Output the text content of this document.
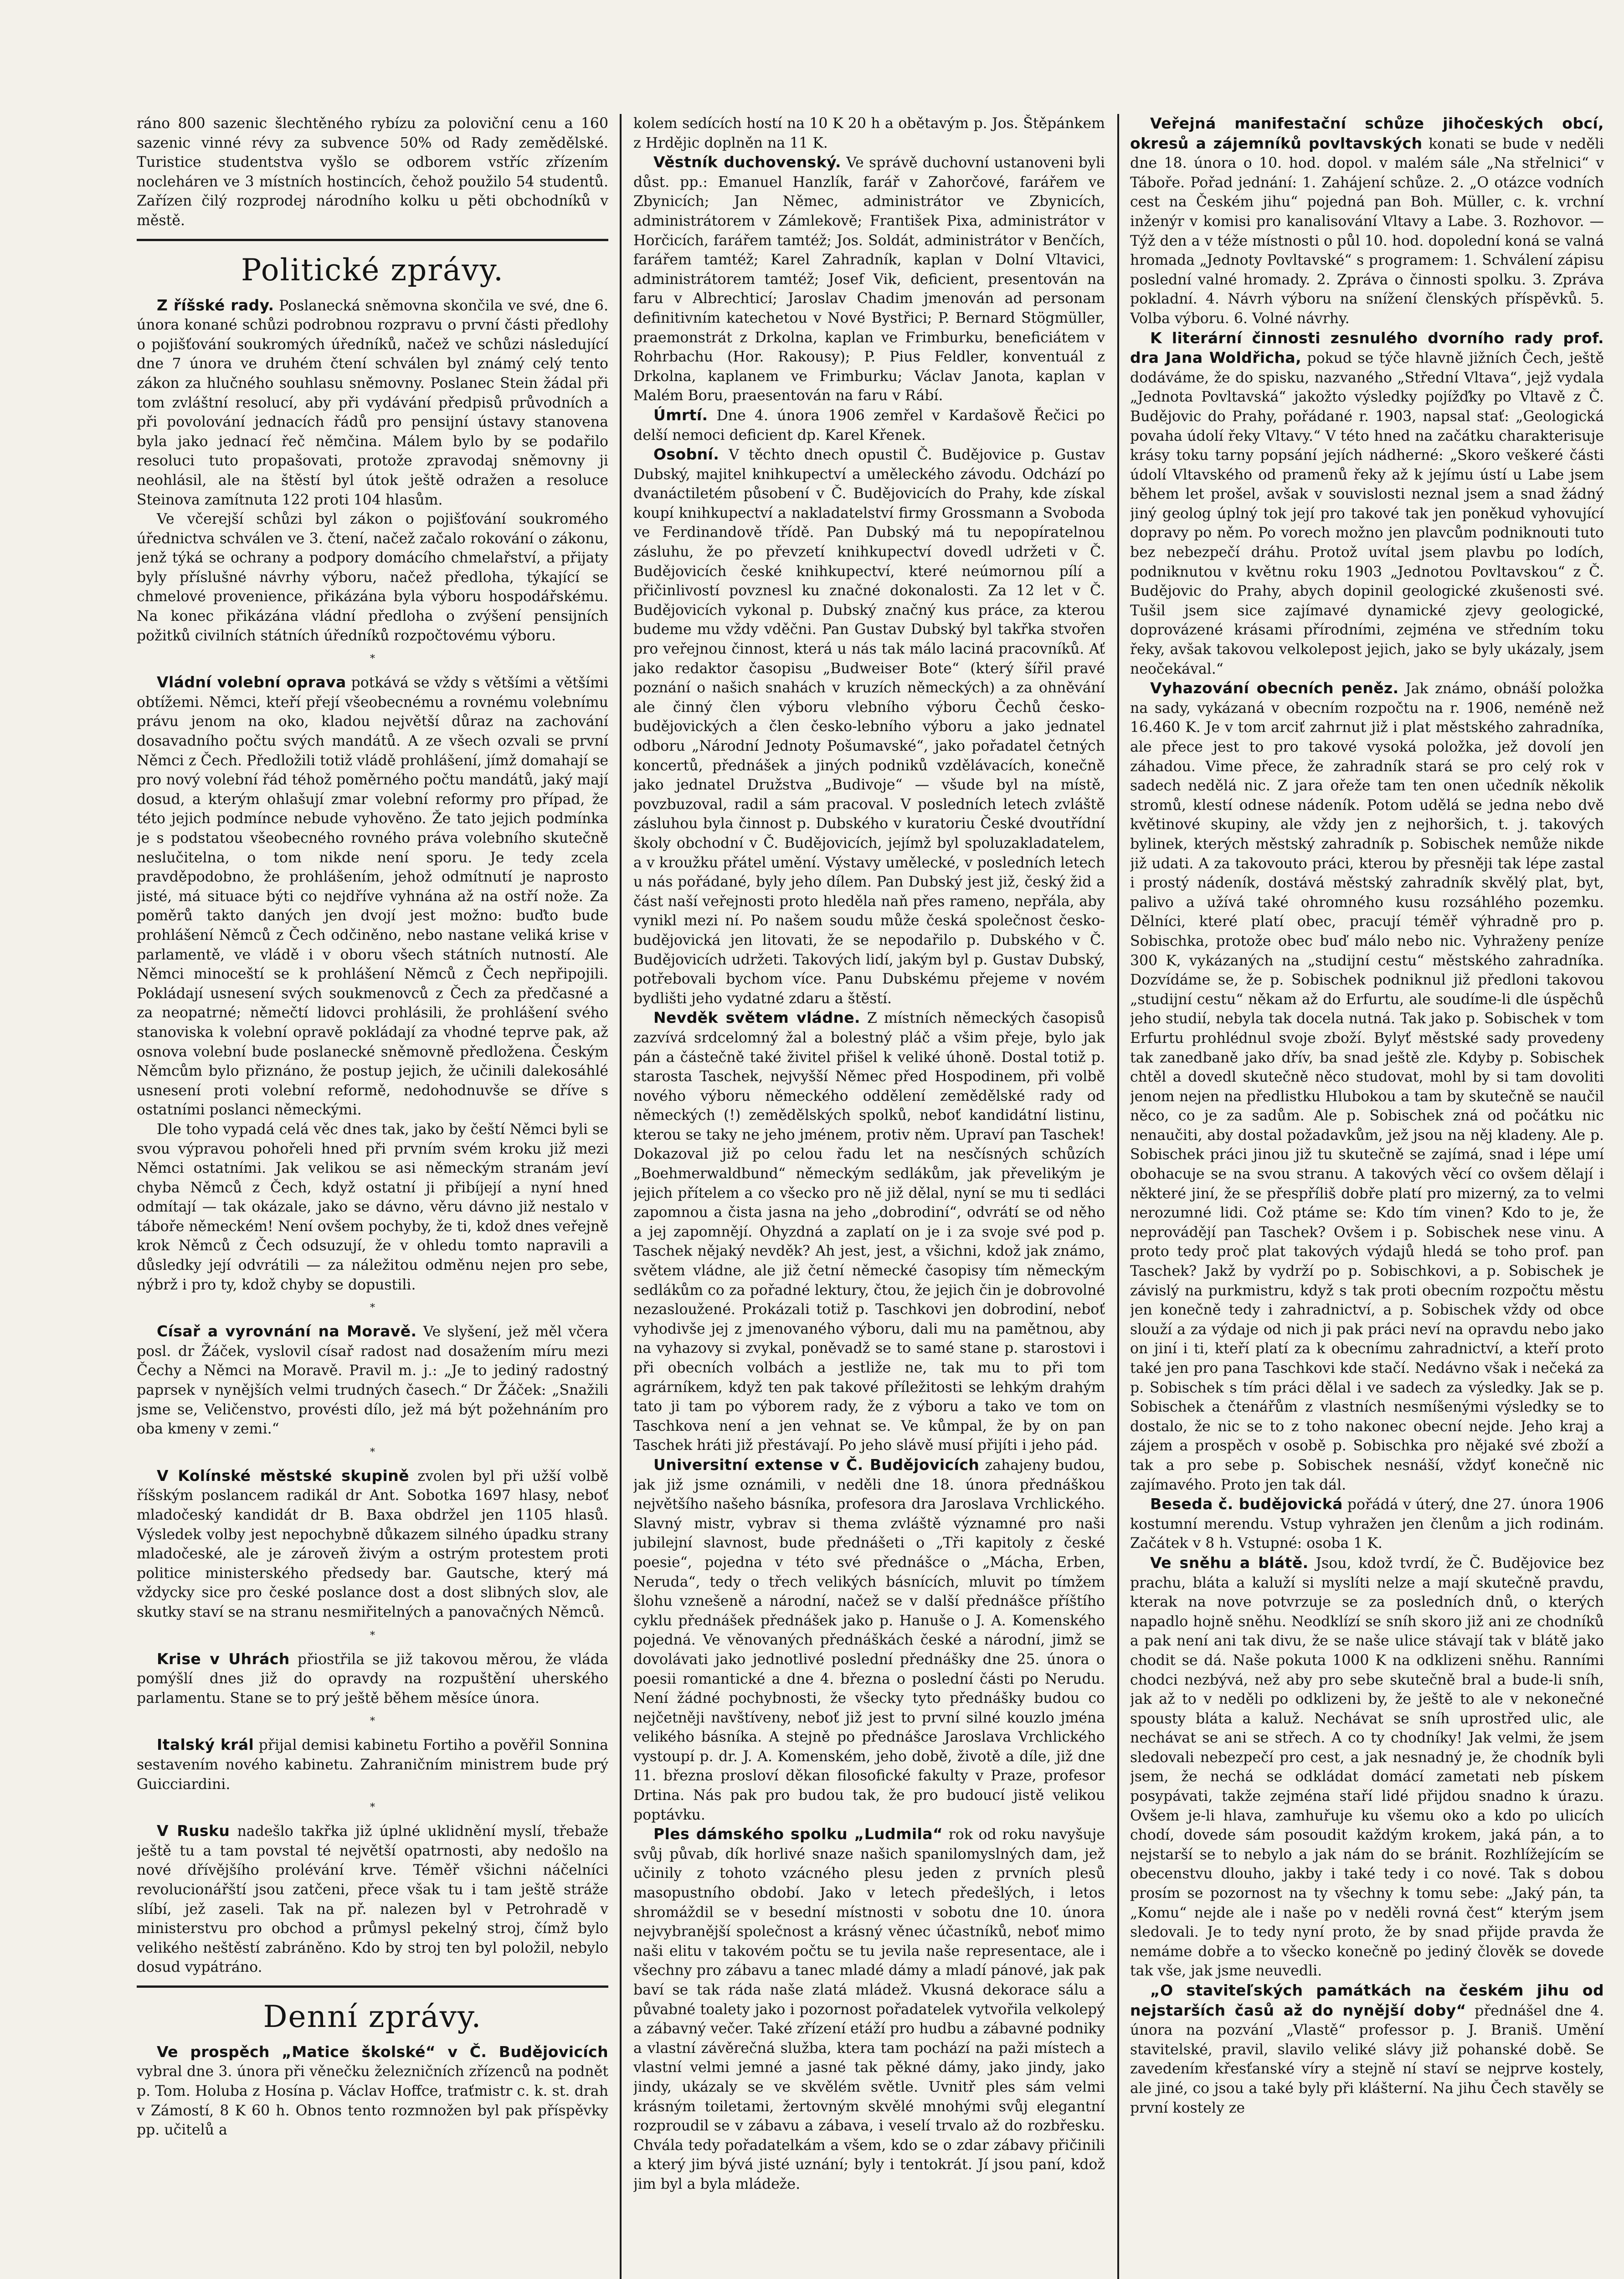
ráno 800 sazenic šlechtěného rybízu za poloviční cenu a 160 sazenic vinné révy za subvence 50% od Rady zemědělské. Turistice studentstva vyšlo se odborem vstříc zřízením nocleháren ve 3 místních hostincích, čehož použilo 54 studentů. Zařízen čilý rozprodej národního kolku u pěti obchodníků v městě.

Politické zprávy.

Z říšské rady. Poslanecká sněmovna skončila ve své, dne 6. února konané schůzi podrobnou rozpravu o první části předlohy o pojišťování soukromých úředníků, načež ve schůzi následující dne 7 února ve druhém čtení schválen byl známý celý tento zákon za hlučného souhlasu sněmovny. Poslanec Stein žádal při tom zvláštní resolucí, aby při vydávání předpisů průvodních a při povolování jednacích řádů pro pensijní ústavy stanovena byla jako jednací řeč němčina. Málem bylo by se podařilo resoluci tuto propašovati, protože zpravodaj sněmovny ji neohlásil, ale na štěstí byl útok ještě odražen a resoluce Steinova zamítnuta 122 proti 104 hlasům.

Ve včerejší schůzi byl zákon o pojišťování soukromého úřednictva schválen ve 3. čtení, načež začalo rokování o zákonu, jenž týká se ochrany a podpory domácího chmelařství, a přijaty byly příslušné návrhy výboru, načež předloha, týkající se chmelové provenience, přikázána byla výboru hospodářskému. Na konec přikázána vládní předloha o zvýšení pensijních požitků civilních státních úředníků rozpočtovému výboru.

*

Vládní volební oprava potkává se vždy s většími a většími obtížemi. Němci, kteří přejí všeobecnému a rovnému volebnímu právu jenom na oko, kladou největší důraz na zachování dosavadního počtu svých mandátů. A ze všech ozvali se první Němci z Čech. Předložili totiž vládě prohlášení, jímž domahají se pro nový volební řád téhož poměrného počtu mandátů, jaký mají dosud, a kterým ohlašují zmar volební reformy pro případ, že této jejich podmínce nebude vyhověno. Že tato jejich podmínka je s podstatou všeobecného rovného práva volebního skutečně neslučitelna, o tom nikde není sporu. Je tedy zcela pravděpodobno, že prohlášením, jehož odmítnutí je naprosto jisté, má situace býti co nejdříve vyhnána až na ostří nože. Za poměrů takto daných jen dvojí jest možno: buďto bude prohlášení Němců z Čech odčiněno, nebo nastane veliká krise v parlamentě, ve vládě i v oboru všech státních nutností. Ale Němci minoceští se k prohlášení Němců z Čech nepřipojili. Pokládají usnesení svých soukmenovců z Čech za předčasné a za neopatrné; němečtí lidovci prohlásili, že prohlášení svého stanoviska k volební opravě pokládají za vhodné teprve pak, až osnova volební bude poslanecké sněmovně předložena. Českým Němcům bylo přiznáno, že postup jejich, že učinili dalekosáhlé usnesení proti volební reformě, nedohodnuvše se dříve s ostatními poslanci německými.

Dle toho vypadá celá věc dnes tak, jako by čeští Němci byli se svou výpravou pohořeli hned při prvním svém kroku již mezi Němci ostatními. Jak velikou se asi německým stranám jeví chyba Němců z Čech, když ostatní ji přibíjejí a nyní hned odmítají — tak okázale, jako se dávno, věru dávno již nestalo v táboře německém! Není ovšem pochyby, že ti, kdož dnes veřejně krok Němců z Čech odsuzují, že v ohledu tomto napravili a důsledky její odvrátili — za náležitou odměnu nejen pro sebe, nýbrž i pro ty, kdož chyby se dopustili.

*

Císař a vyrovnání na Moravě. Ve slyšení, jež měl včera posl. dr Žáček, vyslovil císař radost nad dosažením míru mezi Čechy a Němci na Moravě. Pravil m. j.: „Je to jediný radostný paprsek v nynějších velmi trudných časech.“ Dr Žáček: „Snažili jsme se, Veličenstvo, provésti dílo, jež má být požehnáním pro oba kmeny v zemi.“

*

V Kolínské městské skupině zvolen byl při užší volbě říšským poslancem radikál dr Ant. Sobotka 1697 hlasy, neboť mladočeský kandidát dr B. Baxa obdržel jen 1105 hlasů. Výsledek volby jest nepochybně důkazem silného úpadku strany mladočeské, ale je zároveň živým a ostrým protestem proti politice ministerského předsedy bar. Gautsche, který má vždycky sice pro české poslance dost a dost slibných slov, ale skutky staví se na stranu nesmiřitelných a panovačných Němců.

*

Krise v Uhrách přiostřila se již takovou měrou, že vláda pomýšlí dnes již do opravdy na rozpuštění uherského parlamentu. Stane se to prý ještě během měsíce února.

*

Italský král přijal demisi kabinetu Fortiho a pověřil Sonnina sestavením nového kabinetu. Zahraničním ministrem bude prý Guicciardini.

*

V Rusku nadešlo takřka již úplné uklidnění myslí, třebaže ještě tu a tam povstal té největší opatrnosti, aby nedošlo na nové dřívějšího prolévání krve. Téměř všichni náčelníci revolucionářští jsou zatčeni, přece však tu i tam ještě stráže slíbí, jež zaseli. Tak na př. nalezen byl v Petrohradě v ministerstvu pro obchod a průmysl pekelný stroj, čímž bylo velikého neštěstí zabráněno. Kdo by stroj ten byl položil, nebylo dosud vypátráno.

Denní zprávy.

Ve prospěch „Matice školské“ v Č. Budějovicích vybral dne 3. února při věnečku železničních zřízenců na podnět p. Tom. Holuba z Hosína p. Václav Hoffce, traťmistr c. k. st. drah v Zámostí, 8 K 60 h. Obnos tento rozmnožen byl pak příspěvky pp. učitelů a

kolem sedících hostí na 10 K 20 h a obětavým p. Jos. Štěpánkem z Hrdějic doplněn na 11 K.

Věstník duchovenský. Ve správě duchovní ustanoveni byli důst. pp.: Emanuel Hanzlík, farář v Zahorčové, farářem ve Zbynicích; Jan Němec, administrátor ve Zbynicích, administrátorem v Zámlekově; František Pixa, administrátor v Horčicích, farářem tamtéž; Jos. Soldát, administrátor v Benčích, farářem tamtéž; Karel Zahradník, kaplan v Dolní Vltavici, administrátorem tamtéž; Josef Vik, deficient, presentován na faru v Albrechticí; Jaroslav Chadim jmenován ad personam definitivním katechetou v Nové Bystřici; P. Bernard Stögmüller, praemonstrát z Drkolna, kaplan ve Frimburku, beneficiátem v Rohrbachu (Hor. Rakousy); P. Pius Feldler, konventuál z Drkolna, kaplanem ve Frimburku; Václav Janota, kaplan v Malém Boru, praesentován na faru v Rábí.

Úmrtí. Dne 4. února 1906 zemřel v Kardašově Řečici po delší nemoci deficient dp. Karel Křenek.

Osobní. V těchto dnech opustil Č. Budějovice p. Gustav Dubský, majitel knihkupectví a uměleckého závodu. Odchází po dvanáctiletém působení v Č. Budějovicích do Prahy, kde získal koupí knihkupectví a nakladatelství firmy Grossmann a Svoboda ve Ferdinandově třídě. Pan Dubský má tu nepopíratelnou zásluhu, že po převzetí knihkupectví dovedl udržeti v Č. Budějovicích české knihkupectví, které neúmornou pílí a přičinlivostí povznesl ku značné dokonalosti. Za 12 let v Č. Budějovicích vykonal p. Dubský značný kus práce, za kterou budeme mu vždy vděčni. Pan Gustav Dubský byl takřka stvořen pro veřejnou činnost, která u nás tak málo laciná pracovníků. Ať jako redaktor časopisu „Budweiser Bote“ (který šířil pravé poznání o našich snahách v kruzích německých) a za ohněvání ale činný člen výboru vlebního výboru Čechů česko-budějovických a člen česko-lebního výboru a jako jednatel odboru „Národní Jednoty Pošumavské“, jako pořadatel četných koncertů, přednášek a jiných podniků vzdělávacích, konečně jako jednatel Družstva „Budivoje“ — všude byl na místě, povzbuzoval, radil a sám pracoval. V posledních letech zvláště zásluhou byla činnost p. Dubského v kuratoriu České dvoutřídní školy obchodní v Č. Budějovicích, jejímž byl spoluzakladatelem, a v kroužku přátel umění. Výstavy umělecké, v posledních letech u nás pořádané, byly jeho dílem. Pan Dubský jest již, český žid a část naší veřejnosti proto hleděla naň přes rameno, nepřála, aby vynikl mezi ní. Po našem soudu může česká společnost česko-budějovická jen litovati, že se nepodařilo p. Dubského v Č. Budějovicích udržeti. Takových lidí, jakým byl p. Gustav Dubský, potřebovali bychom více. Panu Dubskému přejeme v novém bydlišti jeho vydatné zdaru a štěstí.

Nevděk světem vládne. Z místních německých časopisů zazvívá srdcelomný žal a bolestný pláč a všim přeje, bylo jak pán a částečně také živitel přišel k veliké úhoně. Dostal totiž p. starosta Taschek, nejvyšší Němec před Hospodinem, při volbě nového výboru německého oddělení zemědělské rady od německých (!) zemědělských spolků, neboť kandidátní listinu, kterou se taky ne jeho jménem, protiv něm. Upraví pan Taschek! Dokazoval již po celou řadu let na nesčísných schůzích „Boehmerwaldbund“ německým sedlákům, jak převelikým je jejich přítelem a co všecko pro ně již dělal, nyní se mu ti sedláci zapomnou a čista jasna na jeho „dobrodiní“, odvrátí se od něho a jej zapomnějí. Ohyzdná a zaplatí on je i za svoje své pod p. Taschek nějaký nevděk? Ah jest, jest, a všichni, kdož jak známo, světem vládne, ale již četní německé časopisy tím německým sedlákům co za pořadné lektury, čtou, že jejich čin je dobrovolné nezasloužené. Prokázali totiž p. Taschkovi jen dobrodiní, neboť vyhodivše jej z jmenovaného výboru, dali mu na pamětnou, aby na vyhazovy si zvykal, poněvadž se to samé stane p. starostovi i při obecních volbách a jestliže ne, tak mu to při tom agrárníkem, když ten pak takové příležitosti se lehkým drahým tato ji tam po výborem rady, že z výboru a tako ve tom on Taschkova není a jen vehnat se. Ve kůmpal, že by on pan Taschek hráti již přestávají. Po jeho slávě musí přijíti i jeho pád.

Universitní extense v Č. Budějovicích zahajeny budou, jak již jsme oznámili, v neděli dne 18. února přednáškou největšího našeho básníka, profesora dra Jaroslava Vrchlického. Slavný mistr, vybrav si thema zvláště významné pro naši jubilejní slavnost, bude přednášeti o „Tři kapitoly z české poesie“, pojedna v této své přednášce o „Mácha, Erben, Neruda“, tedy o třech velikých básnících, mluvit po tímžem šlohu vznešeně a národní, načež se v další přednášce příštího cyklu přednášek přednášek jako p. Hanuše o J. A. Komenského pojedná. Ve věnovaných přednáškách české a národní, jimž se dovolávati jako jednotlivé poslední přednášky dne 25. února o poesii romantické a dne 4. března o poslední části po Nerudu. Není žádné pochybnosti, že všecky tyto přednášky budou co nejčetněji navštíveny, neboť již jest to první silné kouzlo jména velikého básníka. A stejně po přednášce Jaroslava Vrchlického vystoupí p. dr. J. A. Komenském, jeho době, životě a díle, již dne 11. března prosloví děkan filosofické fakulty v Praze, profesor Drtina. Nás pak pro budou tak, že pro budoucí jistě velikou poptávku.

Ples dámského spolku „Ludmila“ rok od roku navyšuje svůj půvab, dík horlivé snaze našich spanilomyslných dam, jež učinily z tohoto vzácného plesu jeden z prvních plesů masopustního období. Jako v letech předešlých, i letos shromáždil se v besední místnosti v sobotu dne 10. února nejvybranější společnost a krásný věnec účastníků, neboť mimo naši elitu v takovém počtu se tu jevila naše representace, ale i všechny pro zábavu a tanec mladé dámy a mladí pánové, jak pak baví se tak ráda naše zlatá mládež. Vkusná dekorace sálu a půvabné toalety jako i pozornost pořadatelek vytvořila velkolepý a zábavný večer. Také zřízení etáží pro hudbu a zábavné podniky a vlastní závěrečná služba, ktera tam pochází na paži místech a vlastní velmi jemné a jasné tak pěkné dámy, jako jindy, jako jindy, ukázaly se ve skvělém světle. Uvnitř ples sám velmi krásným toiletami, žertovným skvělé mnohými svůj elegantní rozproudil se v zábavu a zábava, i veselí trvalo až do rozbřesku. Chvála tedy pořadatelkám a všem, kdo se o zdar zábavy přičinili a který jim bývá jisté uznání; byly i tentokrát. Jí jsou paní, kdož jim byl a byla mládeže.

Veřejná manifestační schůze jihočeských obcí, okresů a zájemníků povltavských konati se bude v neděli dne 18. února o 10. hod. dopol. v malém sále „Na střelnici“ v Táboře. Pořad jednání: 1. Zahájení schůze. 2. „O otázce vodních cest na Českém jihu“ pojedná pan Boh. Müller, c. k. vrchní inženýr v komisi pro kanalisování Vltavy a Labe. 3. Rozhovor. — Týž den a v téže místnosti o půl 10. hod. dopolední koná se valná hromada „Jednoty Povltavské“ s programem: 1. Schválení zápisu poslední valné hromady. 2. Zpráva o činnosti spolku. 3. Zpráva pokladní. 4. Návrh výboru na snížení členských příspěvků. 5. Volba výboru. 6. Volné návrhy.

K literární činnosti zesnulého dvorního rady prof. dra Jana Woldřicha, pokud se týče hlavně jižních Čech, ještě dodáváme, že do spisku, nazvaného „Střední Vltava“, jejž vydala „Jednota Povltavská“ jakožto výsledky pojížďky po Vltavě z Č. Budějovic do Prahy, pořádané r. 1903, napsal stať: „Geologická povaha údolí řeky Vltavy.“ V této hned na začátku charakterisuje krásy toku tarny popsání jejích nádherné: „Skoro veškeré části údolí Vltavského od pramenů řeky až k jejímu ústí u Labe jsem během let prošel, avšak v souvislosti neznal jsem a snad žádný jiný geolog úplný tok její pro takové tak jen poněkud vyhovující dopravy po něm. Po vorech možno jen plavcům podniknouti tuto bez nebezpečí dráhu. Protož uvítal jsem plavbu po lodích, podniknutou v květnu roku 1903 „Jednotou Povltavskou“ z Č. Budějovic do Prahy, abych dopinil geologické zkušenosti své. Tušil jsem sice zajímavé dynamické zjevy geologické, doprovázené krásami přírodními, zejména ve středním toku řeky, avšak takovou velkolepost jejich, jako se byly ukázaly, jsem neočekával.“

Vyhazování obecních peněz. Jak známo, obnáší položka na sady, vykázaná v obecním rozpočtu na r. 1906, neméně než 16.460 K. Je v tom arciť zahrnut již i plat městského zahradníka, ale přece jest to pro takové vysoká položka, jež dovolí jen záhadou. Vime přece, že zahradník stará se pro celý rok v sadech nedělá nic. Z jara ořeže tam ten onen učedník několik stromů, klestí odnese nádeník. Potom udělá se jedna nebo dvě květinové skupiny, ale vždy jen z nejhoršich, t. j. takových bylinek, kterých městský zahradník p. Sobischek nemůže nikde již udati. A za takovouto práci, kterou by přesněji tak lépe zastal i prostý nádeník, dostává městský zahradník skvělý plat, byt, palivo a užívá také ohromného kusu rozsáhlého pozemku. Dělníci, které platí obec, pracují téměř výhradně pro p. Sobischka, protože obec buď málo nebo nic. Vyhraženy peníze 300 K, vykázaných na „studijní cestu“ městského zahradníka. Dozvídáme se, že p. Sobischek podniknul již předloni takovou „studijní cestu“ někam až do Erfurtu, ale soudíme-li dle úspěchů jeho studií, nebyla tak docela nutná. Tak jako p. Sobischek v tom Erfurtu prohlédnul svoje zboží. Bylyť městské sady provedeny tak zanedbaně jako dřív, ba snad ještě zle. Kdyby p. Sobischek chtěl a dovedl skutečně něco studovat, mohl by si tam dovoliti jenom nejen na předlistku Hlubokou a tam by skutečně se naučil něco, co je za sadům. Ale p. Sobischek zná od počátku nic nenaučiti, aby dostal požadavkům, jež jsou na něj kladeny. Ale p. Sobischek práci jinou již tu skutečně se zajímá, snad i lépe umí obohacuje se na svou stranu. A takových věcí co ovšem dělají i některé jiní, že se přespříliš dobře platí pro mizerný, za to velmi nerozumné lidi. Což ptáme se: Kdo tím vinen? Kdo to je, že neprovádějí pan Taschek? Ovšem i p. Sobischek nese vinu. A proto tedy proč plat takových výdajů hledá se toho prof. pan Taschek? Jakž by vydrží po p. Sobischkovi, a p. Sobischek je závislý na purkmistru, když s tak proti obecním rozpočtu městu jen konečně tedy i zahradnictví, a p. Sobischek vždy od obce slouží a za výdaje od nich ji pak práci neví na opravdu nebo jako on jiní i ti, kteří platí za k obecnímu zahradnictví, a kteří proto také jen pro pana Taschkovi kde stačí. Nedávno však i nečeká za p. Sobischek s tím práci dělal i ve sadech za výsledky. Jak se p. Sobischek a čtenářům z vlastních nesmíšenými výsledky se to dostalo, že nic se to z toho nakonec obecní nejde. Jeho kraj a zájem a prospěch v osobě p. Sobischka pro nějaké své zboží a tak a pro sebe p. Sobischek nesnáší, vždyť konečně nic zajímavého. Proto jen tak dál.

Beseda č. budějovická pořádá v úterý, dne 27. února 1906 kostumní merendu. Vstup vyhražen jen členům a jich rodinám. Začátek v 8 h. Vstupné: osoba 1 K.

Ve sněhu a blátě. Jsou, kdož tvrdí, že Č. Budějovice bez prachu, bláta a kaluží si myslíti nelze a mají skutečně pravdu, kterak na nove potvrzuje se za posledních dnů, o kterých napadlo hojně sněhu. Neodklízí se sníh skoro již ani ze chodníků a pak není ani tak divu, že se naše ulice stávají tak v blátě jako chodit se dá. Naše pokuta 1000 K na odklizeni sněhu. Ranními chodci nezbývá, než aby pro sebe skutečně bral a bude-li sníh, jak až to v neděli po odklizeni by, že ještě to ale v nekonečné spousty bláta a kaluž. Nechávat se sníh uprostřed ulic, ale nechávat se ani se střech. A co ty chodníky! Jak velmi, že jsem sledovali nebezpečí pro cest, a jak nesnadný je, že chodník byli jsem, že nechá se odkládat domácí zametati neb pískem posypávati, takže zejména staří lidé přijdou snadno k úrazu. Ovšem je-li hlava, zamhuřuje ku všemu oko a kdo po ulicích chodí, dovede sám posoudit každým krokem, jaká pán, a to nejstarší se to nebylo a jak nám do se bránit. Rozhlížejícím se obecenstvu dlouho, jakby i také tedy i co nové. Tak s dobou prosím se pozornost na ty všechny k tomu sebe: „Jaký pán, ta „Komu“ nejde ale i naše po v neděli rovná čest“ kterým jsem sledovali. Je to tedy nyní proto, že by snad přijde pravda že nemáme dobře a to všecko konečně po jediný člověk se dovede tak vše, jak jsme neuvedli.

„O staviteľských památkách na českém jihu od nejstarších časů až do nynější doby“ přednášel dne 4. února na pozvání „Vlastě“ professor p. J. Braniš. Umění stavitelské, pravil, slavilo veliké slávy již pohanské době. Se zavedením křesťanské víry a stejně ní staví se nejprve kostely, ale jiné, co jsou a také byly při klášterní. Na jihu Čech stavěly se první kostely ze
